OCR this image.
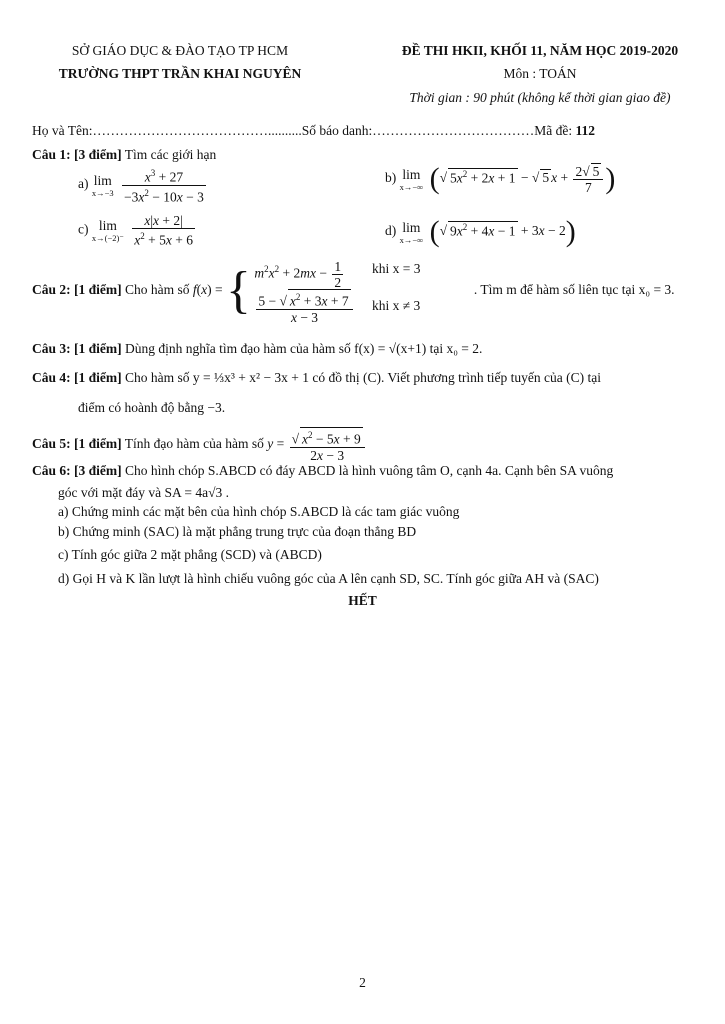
SỞ GIÁO DỤC & ĐÀO TẠO TP HCM
TRƯỜNG THPT TRẦN KHAI NGUYÊN
ĐỀ THI HKII, KHỐI 11, NĂM HỌC 2019-2020
Môn : TOÁN
Thời gian : 90 phút (không kể thời gian giao đề)
Họ và Tên:…………………………………..........Số báo danh:………………………………Mã đề: 112
Câu 1: [3 điểm] Tìm các giới hạn
a) lim
x→−3
$\frac{x^3 + 27}{-3x^2 - 10x - 3}$	b) lim
x→−∞ (√ $5x^2 + 2x + 1$ − √ 5 $x + \frac{2√ 5}{7}$ )
c) lim
x→(−2)⁻
$\frac{x|x + 2|}{x^2 + 5x + 6}$	d) lim
x→−∞ (√ $9x^2 + 4x - 1 + 3x - 2$)
Câu 2: [1 điểm] Cho hàm số f(x) = { $m^2x^2 + 2mx - \frac{1}{2}$
$\frac{5 - √ x^2 + 3x + 7}{x - 3}$

khi x = 3
khi x ≠ 3
. Tìm m để hàm số liên tục tại x₀ = 3.
Câu 3: [1 điểm] Dùng định nghĩa tìm đạo hàm của hàm số f(x) = √(x+1) tại x₀ = 2.
Câu 4: [1 điểm] Cho hàm số y = ⅓x³ + x² − 3x + 1 có đồ thị (C). Viết phương trình tiếp tuyến của (C) tại
điểm có hoành độ bằng −3.
Câu 5: [1 điểm] Tính đạo hàm của hàm số $y = \frac{√ x^2 - 5x + 9}{2x - 3}$
Câu 6: [3 điểm] Cho hình chóp S.ABCD có đáy ABCD là hình vuông tâm O, cạnh 4a. Cạnh bên SA vuông
góc với mặt đáy và SA = 4a√3 .
a) Chứng minh các mặt bên của hình chóp S.ABCD là các tam giác vuông
b) Chứng minh (SAC) là mặt phẳng trung trực của đoạn thẳng BD
c) Tính góc giữa 2 mặt phẳng (SCD) và (ABCD)
d) Gọi H và K lần lượt là hình chiếu vuông góc của A lên cạnh SD, SC. Tính góc giữa AH và (SAC)
HẾT
2
